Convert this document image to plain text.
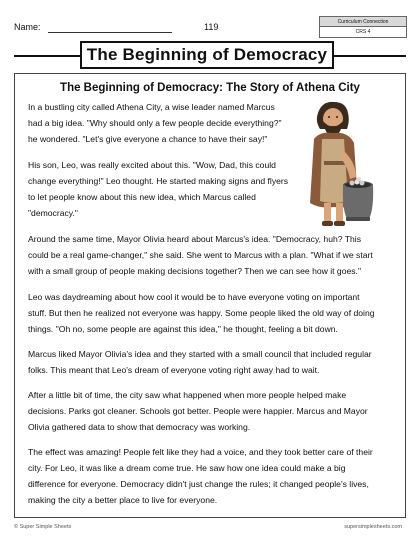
Name:	119	Curriculum Connection
CRS 4
The Beginning of Democracy
The Beginning of Democracy: The Story of Athena City
In a bustling city called Athena City, a wise leader named Marcus
had a big idea. "Why should only a few people decide everything?"
he wondered. "Let's give everyone a chance to have their say!"
His son, Leo, was really excited about this. "Wow, Dad, this could
change everything!" Leo thought. He started making signs and flyers
to let people know about this new idea, which Marcus called
"democracy."
Around the same time, Mayor Olivia heard about Marcus's idea. "Democracy, huh? This
could be a real game-changer," she said. She went to Marcus with a plan. "What if we start
with a small group of people making decisions together? Then we can see how it goes."
Leo was daydreaming about how cool it would be to have everyone voting on important
stuff. But then he realized not everyone was happy. Some people liked the old way of doing
things. "Oh no, some people are against this idea," he thought, feeling a bit down.
Marcus liked Mayor Olivia's idea and they started with a small council that included regular
folks. This meant that Leo's dream of everyone voting right away had to wait.
After a little bit of time, the city saw what happened when more people helped make
decisions. Parks got cleaner. Schools got better. People were happier. Marcus and Mayor
Olivia gathered data to show that democracy was working.
The effect was amazing! People felt like they had a voice, and they took better care of their
city. For Leo, it was like a dream come true. He saw how one idea could make a big
difference for everyone. Democracy didn't just change the rules; it changed people's lives,
making the city a better place to live for everyone.
© Super Simple Sheets	supersimplesheets.com
